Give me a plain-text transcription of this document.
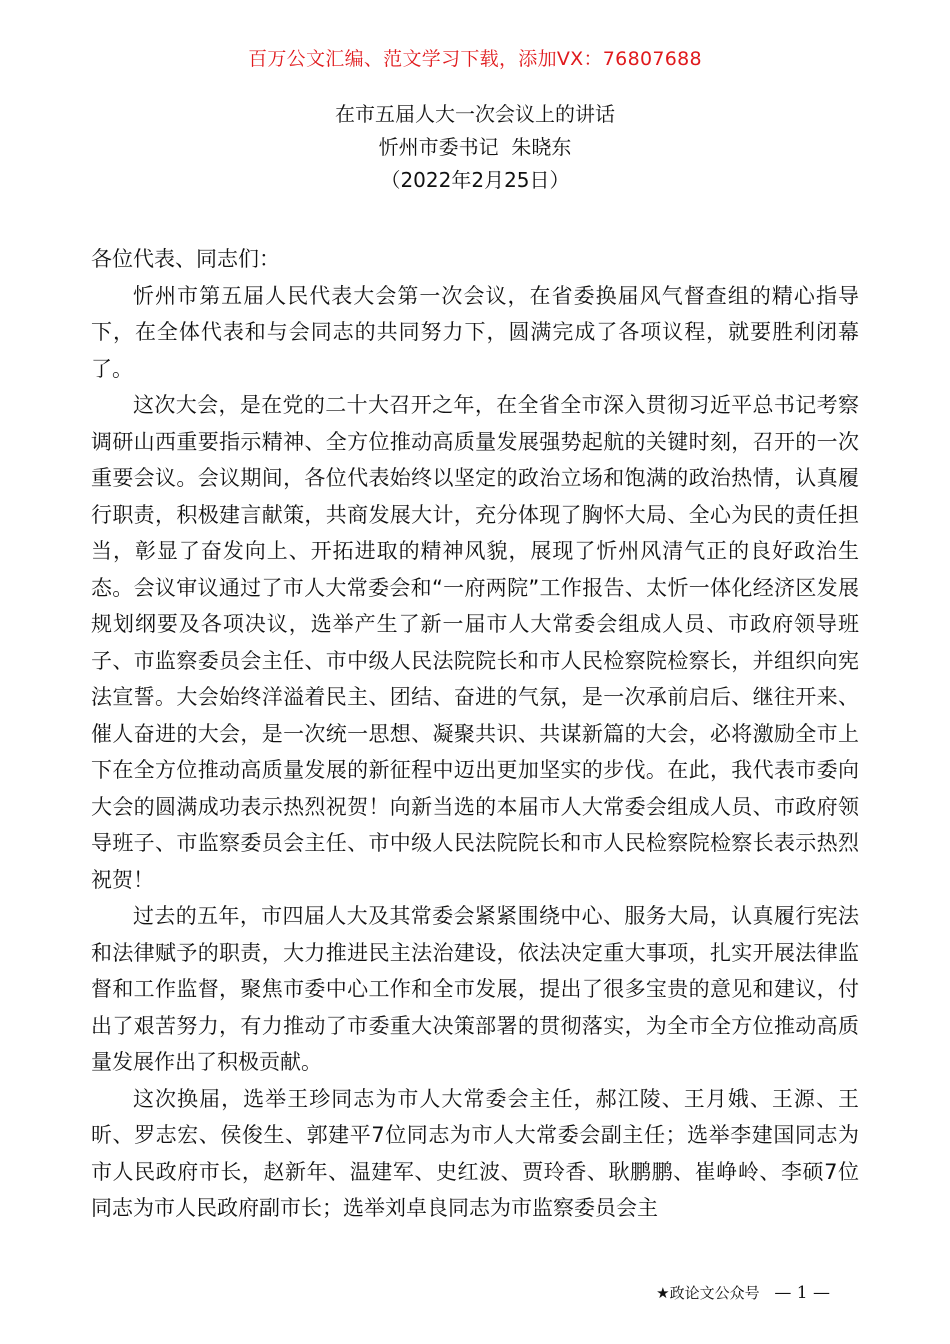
百万公文汇编、范文学习下载，添加VX：76807688
在市五届人大一次会议上的讲话
忻州市委书记  朱晓东
（2022年2月25日）

各位代表、同志们：

忻州市第五届人民代表大会第一次会议，在省委换届风气督查组的精心指导下，在全体代表和与会同志的共同努力下，圆满完成了各项议程，就要胜利闭幕了。

这次大会，是在党的二十大召开之年，在全省全市深入贯彻习近平总书记考察调研山西重要指示精神、全方位推动高质量发展强势起航的关键时刻，召开的一次重要会议。会议期间，各位代表始终以坚定的政治立场和饱满的政治热情，认真履行职责，积极建言献策，共商发展大计，充分体现了胸怀大局、全心为民的责任担当，彰显了奋发向上、开拓进取的精神风貌，展现了忻州风清气正的良好政治生态。会议审议通过了市人大常委会和“一府两院”工作报告、太忻一体化经济区发展规划纲要及各项决议，选举产生了新一届市人大常委会组成人员、市政府领导班子、市监察委员会主任、市中级人民法院院长和市人民检察院检察长，并组织向宪法宣誓。大会始终洋溢着民主、团结、奋进的气氛，是一次承前启后、继往开来、催人奋进的大会，是一次统一思想、凝聚共识、共谋新篇的大会，必将激励全市上下在全方位推动高质量发展的新征程中迈出更加坚实的步伐。在此，我代表市委向大会的圆满成功表示热烈祝贺！向新当选的本届市人大常委会组成人员、市政府领导班子、市监察委员会主任、市中级人民法院院长和市人民检察院检察长表示热烈祝贺！

过去的五年，市四届人大及其常委会紧紧围绕中心、服务大局，认真履行宪法和法律赋予的职责，大力推进民主法治建设，依法决定重大事项，扎实开展法律监督和工作监督，聚焦市委中心工作和全市发展，提出了很多宝贵的意见和建议，付出了艰苦努力，有力推动了市委重大决策部署的贯彻落实，为全市全方位推动高质量发展作出了积极贡献。

这次换届，选举王珍同志为市人大常委会主任，郝江陵、王月娥、王源、王昕、罗志宏、侯俊生、郭建平7位同志为市人大常委会副主任；选举李建国同志为市人民政府市长，赵新年、温建军、史红波、贾玲香、耿鹏鹏、崔峥岭、李硕7位同志为市人民政府副市长；选举刘卓良同志为市监察委员会主

★政论文公众号 — 1 —
